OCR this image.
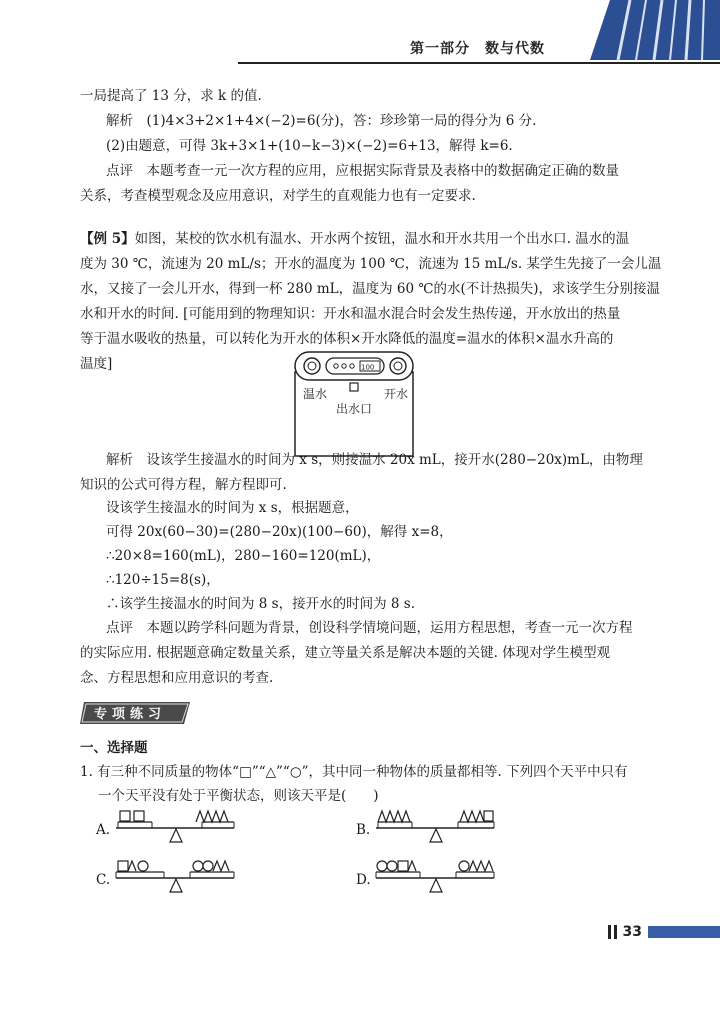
第一部分　数与代数
一局提高了 13 分，求 k 的值.
解析　(1)4×3+2×1+4×(−2)=6(分)，答：珍珍第一局的得分为 6 分.
(2)由题意，可得 3k+3×1+(10−k−3)×(−2)=6+13，解得 k=6.
点评　本题考查一元一次方程的应用，应根据实际背景及表格中的数据确定正确的数量
关系，考查模型观念及应用意识，对学生的直观能力也有一定要求.
【例 5】如图，某校的饮水机有温水、开水两个按钮，温水和开水共用一个出水口. 温水的温
度为 30 ℃，流速为 20 mL/s；开水的温度为 100 ℃，流速为 15 mL/s. 某学生先接了一会儿温
水，又接了一会儿开水，得到一杯 280 mL，温度为 60 ℃的水(不计热损失)，求该学生分别接温
水和开水的时间. [可能用到的物理知识：开水和温水混合时会发生热传递，开水放出的热量
等于温水吸收的热量，可以转化为开水的体积×开水降低的温度=温水的体积×温水升高的
温度]	100
温水	开水
出水口
解析　设该学生接温水的时间为 x s，则接温水 20x mL，接开水(280−20x)mL，由物理
知识的公式可得方程，解方程即可.
设该学生接温水的时间为 x s，根据题意，
可得 20x(60−30)=(280−20x)(100−60)，解得 x=8，
∴20×8=160(mL)，280−160=120(mL)，
∴120÷15=8(s)，
∴该学生接温水的时间为 8 s，接开水的时间为 8 s.
点评　本题以跨学科问题为背景，创设科学情境问题，运用方程思想，考查一元一次方程
的实际应用. 根据题意确定数量关系，建立等量关系是解决本题的关键. 体现对学生模型观
念、方程思想和应用意识的考查.
专项练习
一、选择题
1. 有三种不同质量的物体“□”“△”“○”，其中同一种物体的质量都相等. 下列四个天平中只有
一个天平没有处于平衡状态，则该天平是(　　)
A.	B.
C.	D.
33
